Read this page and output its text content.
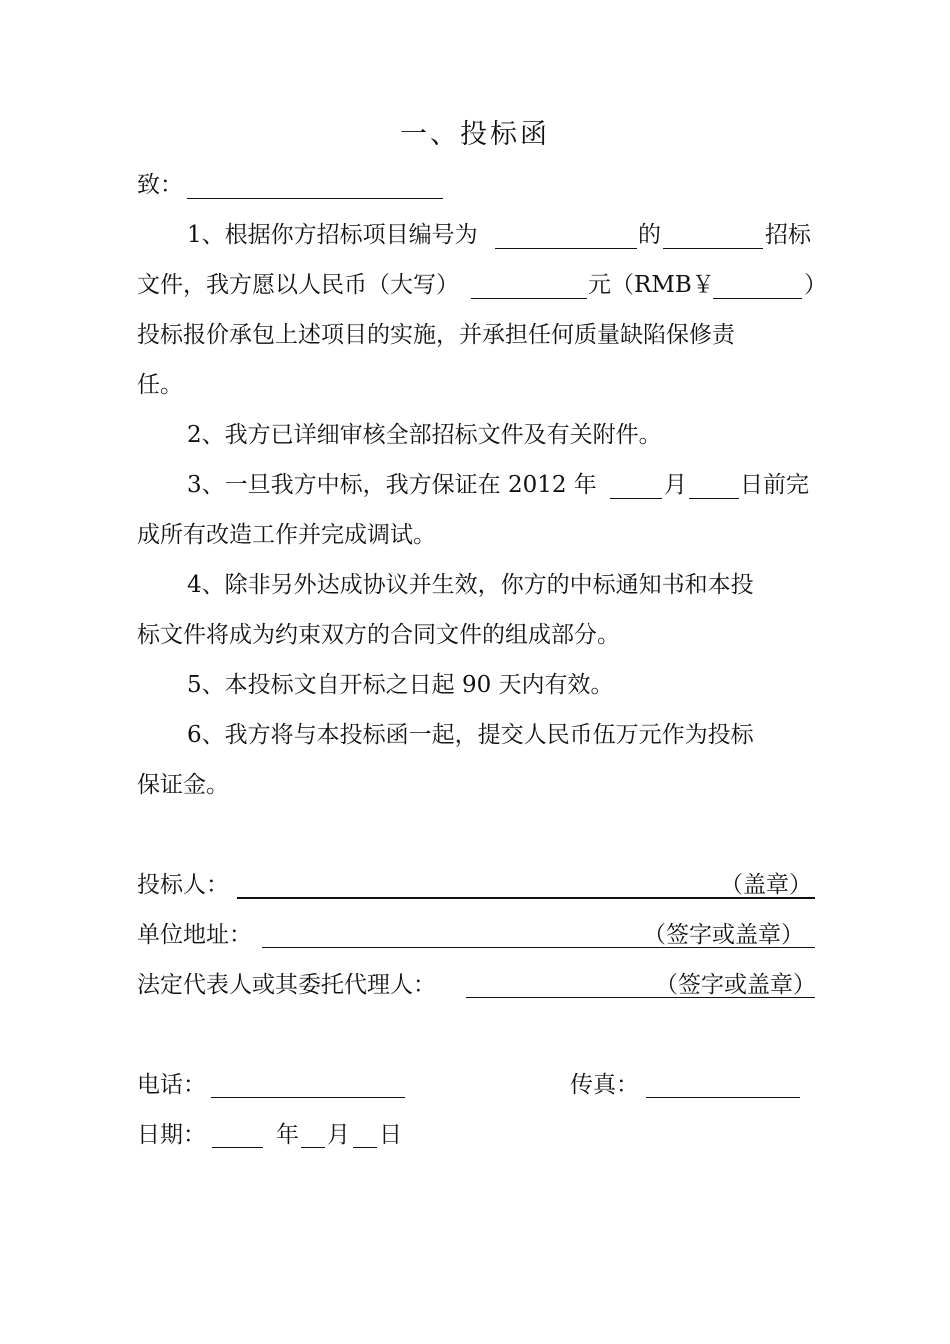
一、投标函
致：
1、根据你方招标项目编号为	的	招标
文件，我方愿以人民币（大写）	元（RMB￥	）
投标报价承包上述项目的实施，并承担任何质量缺陷保修责
任。
2、我方已详细审核全部招标文件及有关附件。
3、一旦我方中标，我方保证在 2012 年	月 日前完
成所有改造工作并完成调试。
4、除非另外达成协议并生效，你方的中标通知书和本投
标文件将成为约束双方的合同文件的组成部分。
5、本投标文自开标之日起 90 天内有效。
6、我方将与本投标函一起，提交人民币伍万元作为投标
保证金。
投标人：	（盖章）
单位地址：	（签字或盖章）
法定代表人或其委托代理人：	（签字或盖章）
电话：	传真：
日期：	年 月 日
